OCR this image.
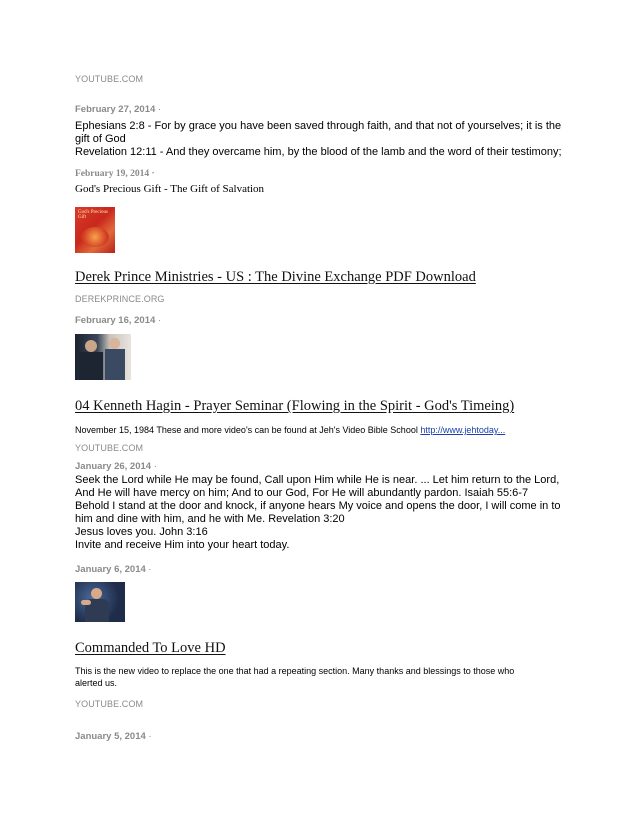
YOUTUBE.COM
February 27, 2014 ·
Ephesians 2:8 - For by grace you have been saved through faith, and that not of yourselves; it is the
gift of God
Revelation 12:11 - And they overcame him, by the blood of the lamb and the word of their testimony;
February 19, 2014 ·
God's Precious Gift - The Gift of Salvation
God's Precious Gift
Derek Prince Ministries - US : The Divine Exchange PDF Download
DEREKPRINCE.ORG
February 16, 2014 ·
04 Kenneth Hagin - Prayer Seminar (Flowing in the Spirit - God's Timeing)
November 15, 1984 These and more video's can be found at Jeh's Video Bible School http://www.jehtoday...
YOUTUBE.COM
January 26, 2014 ·
Seek the Lord while He may be found, Call upon Him while He is near. ... Let him return to the Lord,
And He will have mercy on him; And to our God, For He will abundantly pardon. Isaiah 55:6-7
Behold I stand at the door and knock, if anyone hears My voice and opens the door, I will come in to
him and dine with him, and he with Me. Revelation 3:20
Jesus loves you. John 3:16
Invite and receive Him into your heart today.
January 6, 2014 ·
Commanded To Love HD
This is the new video to replace the one that had a repeating section. Many thanks and blessings to those who
alerted us.
YOUTUBE.COM
January 5, 2014 ·
